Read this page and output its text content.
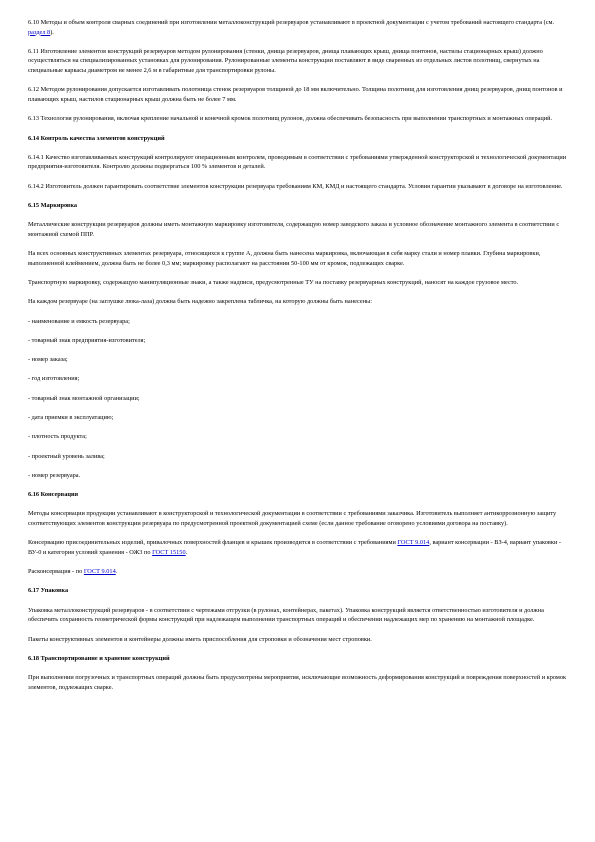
6.10 Методы и объем контроля сварных соединений при изготовлении металлоконструкций резервуаров устанавливают в проектной документации с учетом требований настоящего стандарта (см. раздел 8).

6.11 Изготовление элементов конструкций резервуаров методом рулонирования (стенки, днища резервуаров, днища плавающих крыш, днища понтонов, настилы стационарных крыш) должно осуществляться на специализированных установках для рулонирования. Рулонированные элементы конструкции поставляют в виде сваренных из отдельных листов полотнищ, свернутых на специальные каркасы диаметром не менее 2,6 м в габаритные для транспортировки рулоны.

6.12 Методом рулонирования допускается изготавливать полотнища стенок резервуаров толщиной до 18 мм включительно. Толщина полотнищ для изготовления днищ резервуаров, днищ понтонов и плавающих крыш, настилов стационарных крыш должна быть не более 7 мм.

6.13 Технология рулонирования, включая крепление начальной и конечной кромок полотнищ рулонов, должна обеспечивать безопасность при выполнении транспортных и монтажных операций.

6.14 Контроль качества элементов конструкций

6.14.1 Качество изготавливаемых конструкций контролируют операционным контролем, проводимым в соответствии с требованиями утвержденной конструкторской и технологической документации предприятия-изготовителя. Контролю должны подвергаться 100 % элементов и деталей.

6.14.2 Изготовитель должен гарантировать соответствие элементов конструкции резервуара требованиям КМ, КМД и настоящего стандарта. Условия гарантии указывают в договоре на изготовление.

6.15 Маркировка

Металлические конструкции резервуаров должны иметь монтажную маркировку изготовителя, содержащую номер заводского заказа и условное обозначение монтажного элемента в соответствии с монтажной схемой ППР.

На всех основных конструктивных элементах резервуара, относящихся к группе А, должна быть нанесена маркировка, включающая в себя марку стали и номер плавки. Глубина маркировки, выполненной клеймением, должна быть не более 0,3 мм; маркировку располагают на расстоянии 50-100 мм от кромок, подлежащих сварке.

Транспортную маркировку, содержащую манипуляционные знаки, а также надписи, предусмотренные ТУ на поставку резервуарных конструкций, наносят на каждое грузовое место.

На каждом резервуаре (на заглушке люка-лаза) должна быть надежно закреплена табличка, на которую должны быть нанесены:

- наименование и емкость резервуара;

- товарный знак предприятия-изготовителя;

- номер заказа;

- год изготовления;

- товарный знак монтажной организации;

- дата приемки в эксплуатацию;

- плотность продукта;

- проектный уровень залива;

- номер резервуара.

6.16 Консервация

Методы консервации продукции устанавливают в конструкторской и технологической документации в соответствии с требованиями заказчика. Изготовитель выполняет антикоррозионную защиту соответствующих элементов конструкции резервуара по предусмотренной проектной документацией схеме (если данное требование оговорено условиями договора на поставку).

Консервацию присоединительных изделий, привалочных поверхностей фланцев и крышек производится в соответствии с требованиями ГОСТ 9.014, вариант консервации - ВЗ-4, вариант упаковки - ВУ-0 и категория условий хранения - ОЖ3 по ГОСТ 15150.

Расконсервация - по ГОСТ 9.014.

6.17 Упаковка

Упаковка металлоконструкций резервуаров - в соответствии с чертежами отгрузки (в рулонах, контейнерах, пакетах). Упаковка конструкций является ответственностью изготовителя и должна обеспечить сохранность геометрической формы конструкций при надлежащем выполнении транспортных операций и обеспечении надлежащих мер по хранению на монтажной площадке.

Пакеты конструктивных элементов и контейнеры должны иметь приспособления для строповки и обозначения мест строповки.

6.18 Транспортирование и хранение конструкций

При выполнении погрузочных и транспортных операций должны быть предусмотрены мероприятия, исключающие возможность деформирования конструкций и повреждения поверхностей и кромок элементов, подлежащих сварке.
